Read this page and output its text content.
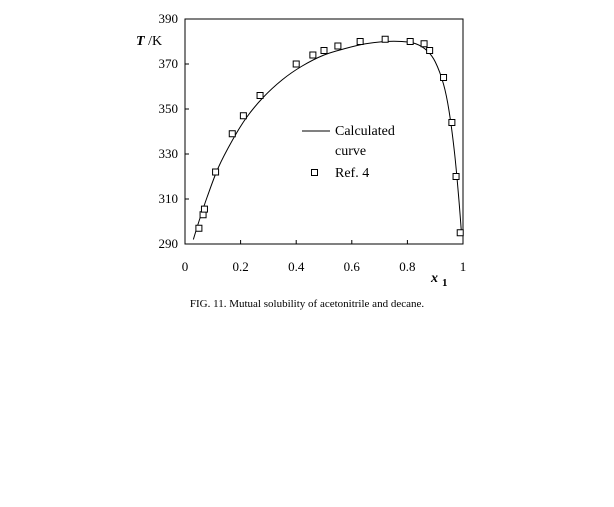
290
310
330
350
370
390
0	0.2	0.4	0.6	0.8	1
T /K
x $_1$
Calculated
curve
Ref. 4
FIG. 11. Mutual solubility of acetonitrile and decane.
